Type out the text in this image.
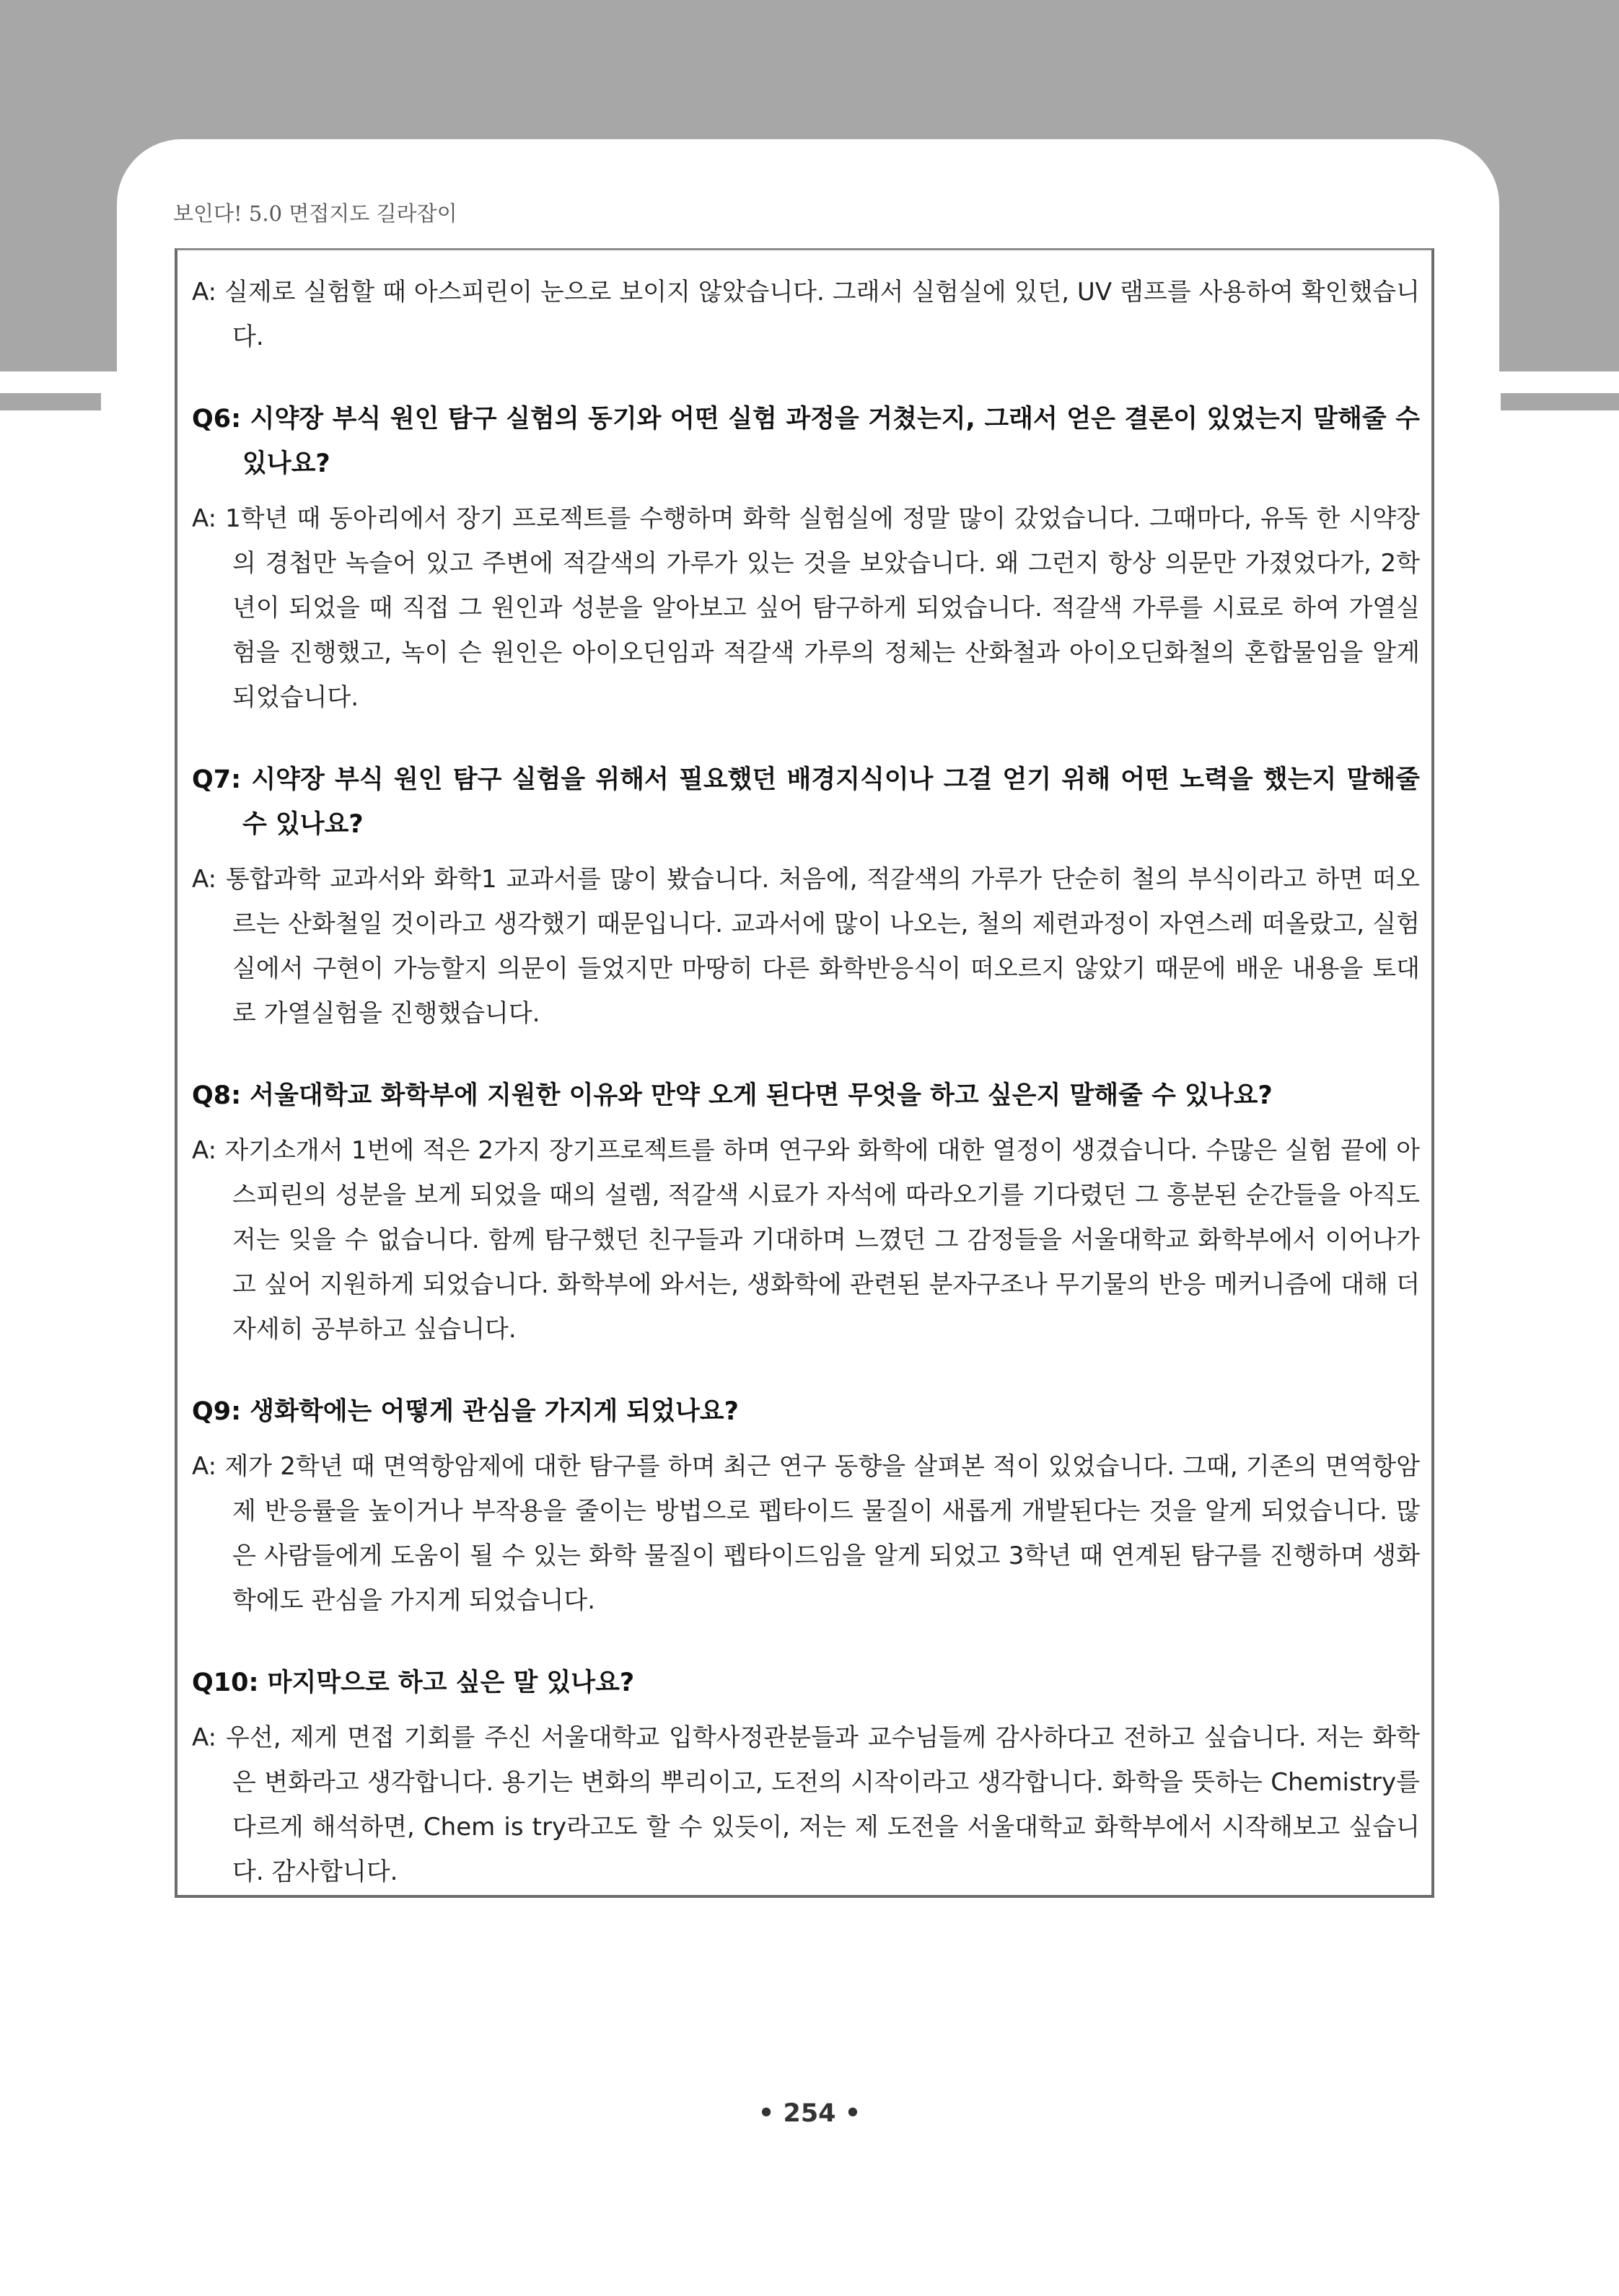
보인다! 5.0 면접지도 길라잡이

A: 실제로 실험할 때 아스피린이 눈으로 보이지 않았습니다. 그래서 실험실에 있던, UV 램프를 사용하여 확인했습니다.

Q6: 시약장 부식 원인 탐구 실험의 동기와 어떤 실험 과정을 거쳤는지, 그래서 얻은 결론이 있었는지 말해줄 수 있나요?

A: 1학년 때 동아리에서 장기 프로젝트를 수행하며 화학 실험실에 정말 많이 갔었습니다. 그때마다, 유독 한 시약장의 경첩만 녹슬어 있고 주변에 적갈색의 가루가 있는 것을 보았습니다. 왜 그런지 항상 의문만 가졌었다가, 2학년이 되었을 때 직접 그 원인과 성분을 알아보고 싶어 탐구하게 되었습니다. 적갈색 가루를 시료로 하여 가열실험을 진행했고, 녹이 슨 원인은 아이오딘임과 적갈색 가루의 정체는 산화철과 아이오딘화철의 혼합물임을 알게 되었습니다.

Q7: 시약장 부식 원인 탐구 실험을 위해서 필요했던 배경지식이나 그걸 얻기 위해 어떤 노력을 했는지 말해줄 수 있나요?

A: 통합과학 교과서와 화학1 교과서를 많이 봤습니다. 처음에, 적갈색의 가루가 단순히 철의 부식이라고 하면 떠오르는 산화철일 것이라고 생각했기 때문입니다. 교과서에 많이 나오는, 철의 제련과정이 자연스레 떠올랐고, 실험실에서 구현이 가능할지 의문이 들었지만 마땅히 다른 화학반응식이 떠오르지 않았기 때문에 배운 내용을 토대로 가열실험을 진행했습니다.

Q8: 서울대학교 화학부에 지원한 이유와 만약 오게 된다면 무엇을 하고 싶은지 말해줄 수 있나요?

A: 자기소개서 1번에 적은 2가지 장기프로젝트를 하며 연구와 화학에 대한 열정이 생겼습니다. 수많은 실험 끝에 아스피린의 성분을 보게 되었을 때의 설렘, 적갈색 시료가 자석에 따라오기를 기다렸던 그 흥분된 순간들을 아직도 저는 잊을 수 없습니다. 함께 탐구했던 친구들과 기대하며 느꼈던 그 감정들을 서울대학교 화학부에서 이어나가고 싶어 지원하게 되었습니다. 화학부에 와서는, 생화학에 관련된 분자구조나 무기물의 반응 메커니즘에 대해 더 자세히 공부하고 싶습니다.

Q9: 생화학에는 어떻게 관심을 가지게 되었나요?

A: 제가 2학년 때 면역항암제에 대한 탐구를 하며 최근 연구 동향을 살펴본 적이 있었습니다. 그때, 기존의 면역항암제 반응률을 높이거나 부작용을 줄이는 방법으로 펩타이드 물질이 새롭게 개발된다는 것을 알게 되었습니다. 많은 사람들에게 도움이 될 수 있는 화학 물질이 펩타이드임을 알게 되었고 3학년 때 연계된 탐구를 진행하며 생화학에도 관심을 가지게 되었습니다.

Q10: 마지막으로 하고 싶은 말 있나요?

A: 우선, 제게 면접 기회를 주신 서울대학교 입학사정관분들과 교수님들께 감사하다고 전하고 싶습니다. 저는 화학은 변화라고 생각합니다. 용기는 변화의 뿌리이고, 도전의 시작이라고 생각합니다. 화학을 뜻하는 Chemistry를 다르게 해석하면, Chem is try라고도 할 수 있듯이, 저는 제 도전을 서울대학교 화학부에서 시작해보고 싶습니다. 감사합니다.

• 254 •
